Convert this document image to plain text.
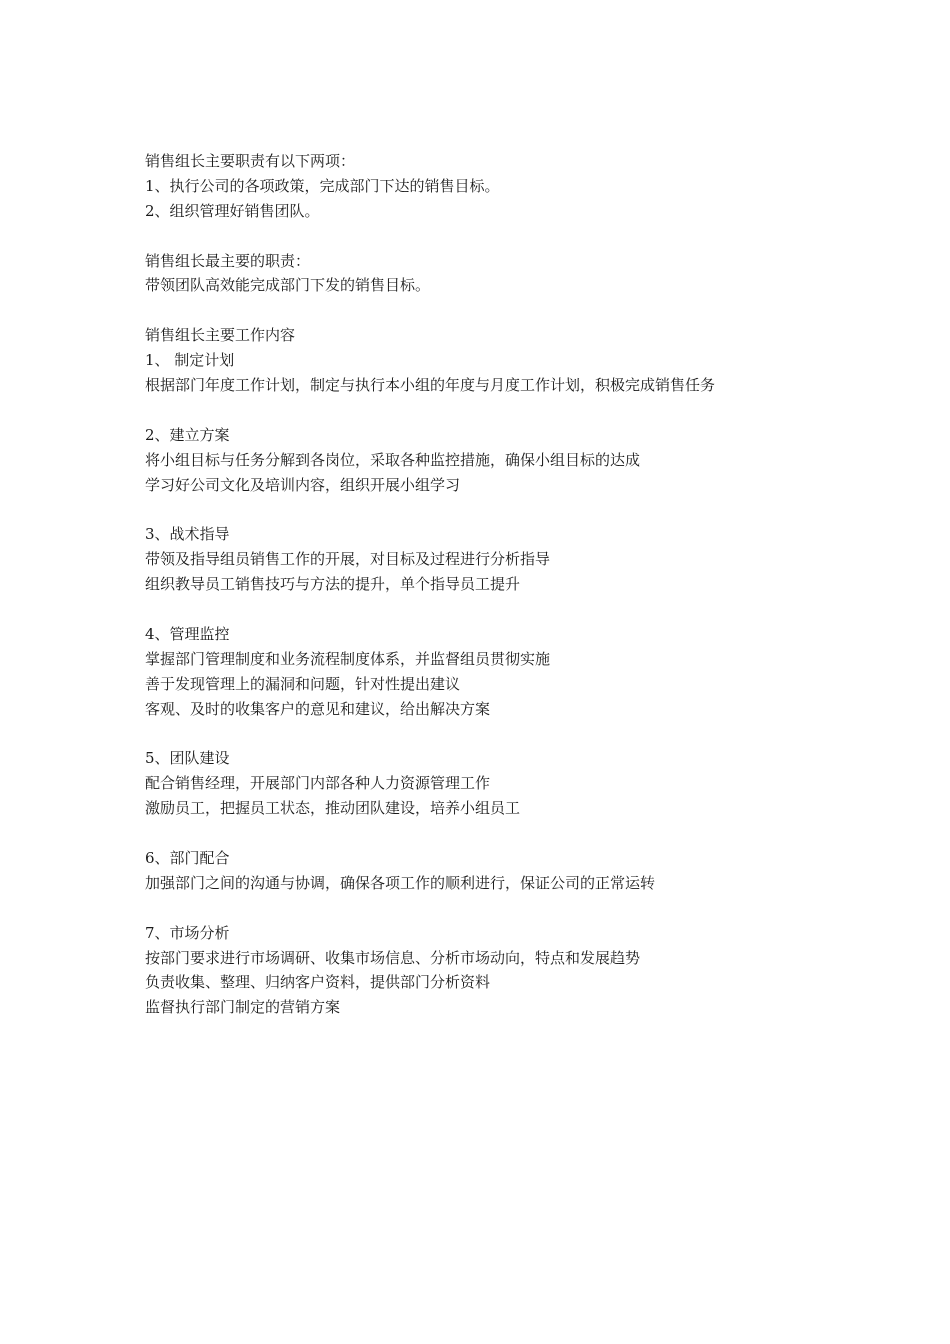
销售组长主要职责有以下两项：
1、执行公司的各项政策，完成部门下达的销售目标。
2、组织管理好销售团队。
销售组长最主要的职责：
带领团队高效能完成部门下发的销售目标。
销售组长主要工作内容
1、 制定计划
根据部门年度工作计划，制定与执行本小组的年度与月度工作计划，积极完成销售任务
2、建立方案
将小组目标与任务分解到各岗位，采取各种监控措施，确保小组目标的达成
学习好公司文化及培训内容，组织开展小组学习
3、战术指导
带领及指导组员销售工作的开展，对目标及过程进行分析指导
组织教导员工销售技巧与方法的提升，单个指导员工提升
4、管理监控
掌握部门管理制度和业务流程制度体系，并监督组员贯彻实施
善于发现管理上的漏洞和问题，针对性提出建议
客观、及时的收集客户的意见和建议，给出解决方案
5、团队建设
配合销售经理，开展部门内部各种人力资源管理工作
激励员工，把握员工状态，推动团队建设，培养小组员工
6、部门配合
加强部门之间的沟通与协调，确保各项工作的顺利进行，保证公司的正常运转
7、市场分析
按部门要求进行市场调研、收集市场信息、分析市场动向，特点和发展趋势
负责收集、整理、归纳客户资料，提供部门分析资料
监督执行部门制定的营销方案
